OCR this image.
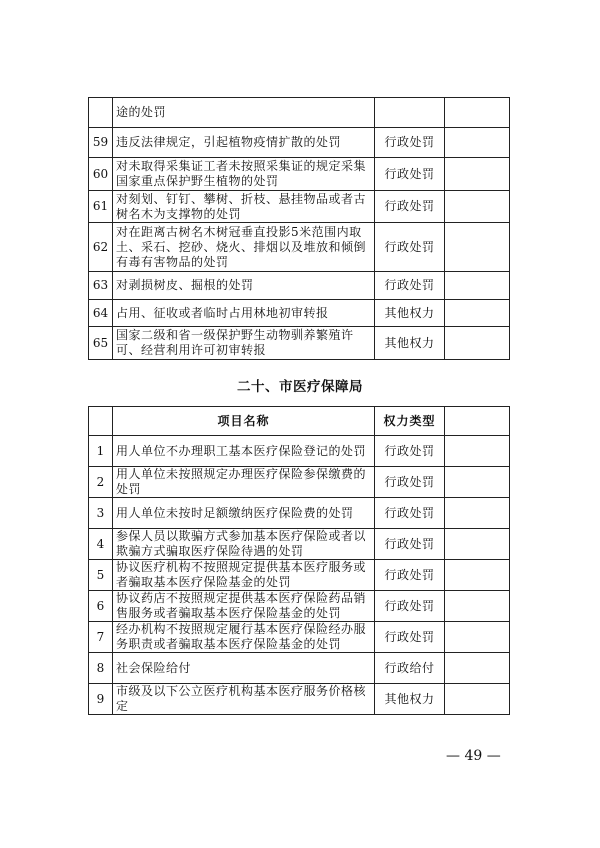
	途的处罚		
59	违反法律规定，引起植物疫情扩散的处罚	行政处罚	
60	对未取得采集证工者未按照采集证的规定采集国家重点保护野生植物的处罚	行政处罚	
61	对刻划、钉钉、攀树、折枝、悬挂物品或者古树名木为支撑物的处罚	行政处罚	
62	对在距离古树名木树冠垂直投影5米范围内取土、采石、挖砂、烧火、排烟以及堆放和倾倒有毒有害物品的处罚	行政处罚	
63	对剥损树皮、掘根的处罚	行政处罚	
64	占用、征收或者临时占用林地初审转报	其他权力	
65	国家二级和省一级保护野生动物驯养繁殖许可、经营利用许可初审转报	其他权力	
二十、市医疗保障局
	项目名称	权力类型	
1	用人单位不办理职工基本医疗保险登记的处罚	行政处罚	
2	用人单位未按照规定办理医疗保险参保缴费的处罚	行政处罚	
3	用人单位未按时足额缴纳医疗保险费的处罚	行政处罚	
4	参保人员以欺骗方式参加基本医疗保险或者以欺骗方式骗取医疗保险待遇的处罚	行政处罚	
5	协议医疗机构不按照规定提供基本医疗服务或者骗取基本医疗保险基金的处罚	行政处罚	
6	协议药店不按照规定提供基本医疗保险药品销售服务或者骗取基本医疗保险基金的处罚	行政处罚	
7	经办机构不按照规定履行基本医疗保险经办服务职责或者骗取基本医疗保险基金的处罚	行政处罚	
8	社会保险给付	行政给付	
9	市级及以下公立医疗机构基本医疗服务价格核定	其他权力	
— 49 —
